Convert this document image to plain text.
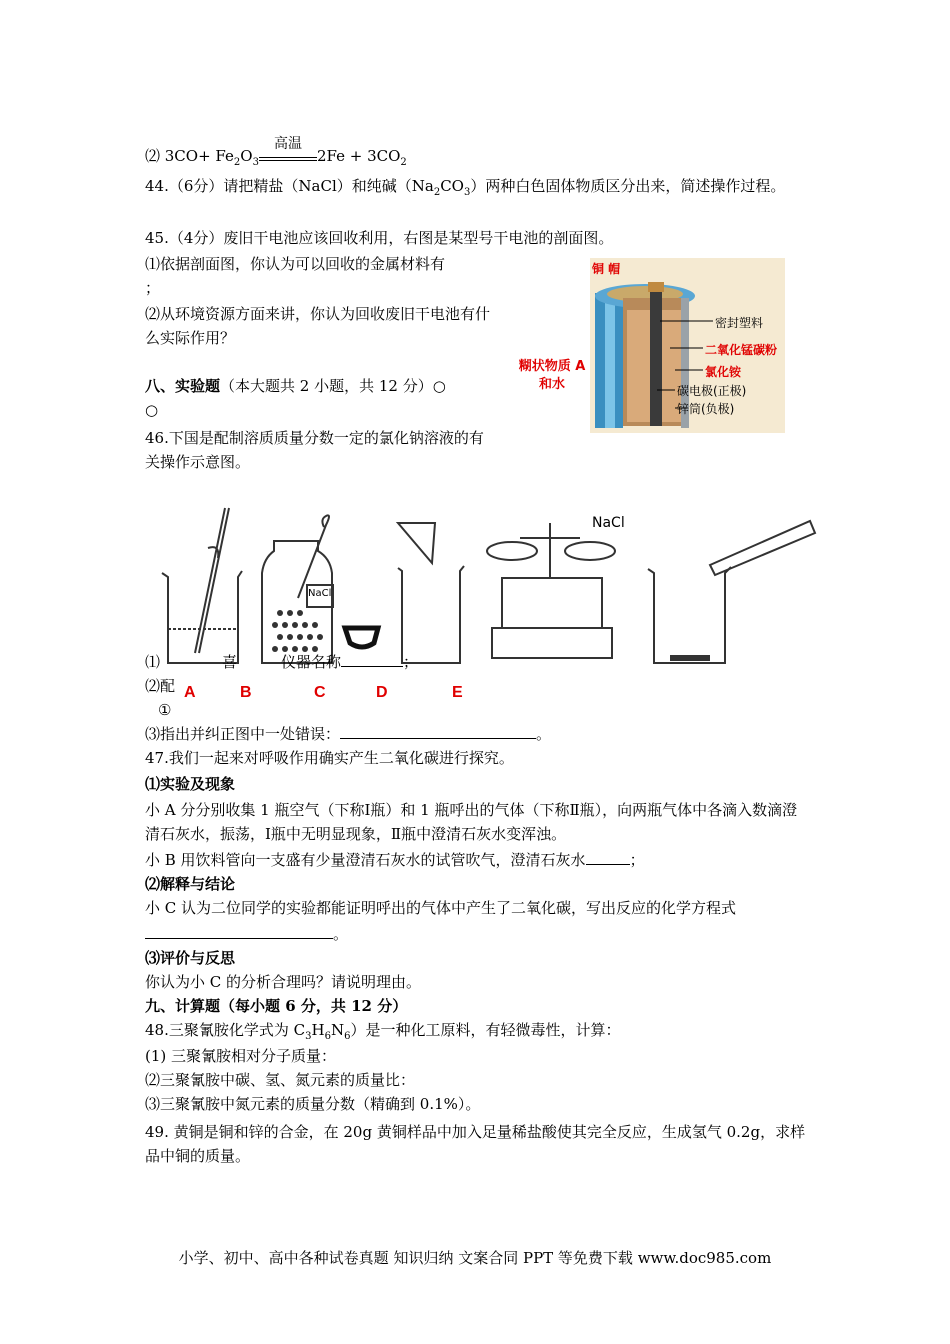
⑵ $3CO+ Fe_2O_3$
高温
$2Fe + 3CO_2$
44.（6分）请把精盐（NaCl）和纯碱$(Na_2CO_3)$两种白色固体物质区分出来，简述操作过程。
45.（4分）废旧干电池应该回收利用，右图是某型号干电池的剖面图。
⑴依据剖面图，你认为可以回收的金属材料有
；
⑵从环境资源方面来讲，你认为回收废旧干电池有什么实际作用？
铜 帽
密封塑料
二氧化锰碳粉
氯化铵
糊状物质 A 和水	碳电极(正极)
锌筒(负极)
八、实验题（本大题共 2 小题，共 12 分）○
○
46.下国是配制溶质质量分数一定的氯化钠溶液的有关操作示意图。
NaCl
NaCl
⑴	喜	仪器名称	；
⑵配
①
A	B	C	D	E
⑶指出并纠正图中一处错误：	。
47.我们一起来对呼吸作用确实产生二氧化碳进行探究。
⑴实验及现象
小 A 分分别收集 1 瓶空气（下称Ⅰ瓶）和 1 瓶呼出的气体（下称Ⅱ瓶），向两瓶气体中各滴入数滴澄清石灰水，振荡，Ⅰ瓶中无明显现象，Ⅱ瓶中澄清石灰水变浑浊。
小 B 用饮料管向一支盛有少量澄清石灰水的试管吹气，澄清石灰水	；
⑵解释与结论
小 C 认为二位同学的实验都能证明呼出的气体中产生了二氧化碳，写出反应的化学方程式
。
⑶评价与反思
你认为小 C 的分析合理吗？请说明理由。
九、计算题（每小题 6 分，共 12 分）
48.三聚氰胺化学式为 $C_3H_6N_6$）是一种化工原料，有轻微毒性，计算：
(1) 三聚氰胺相对分子质量：
⑵三聚氰胺中碳、氢、氮元素的质量比：
⑶三聚氰胺中氮元素的质量分数（精确到 0.1%）。
49. 黄铜是铜和锌的合金，在 20g 黄铜样品中加入足量稀盐酸使其完全反应，生成氢气 0.2g，求样品中铜的质量。
小学、初中、高中各种试卷真题 知识归纳 文案合同 PPT 等免费下载 www.doc985.com
